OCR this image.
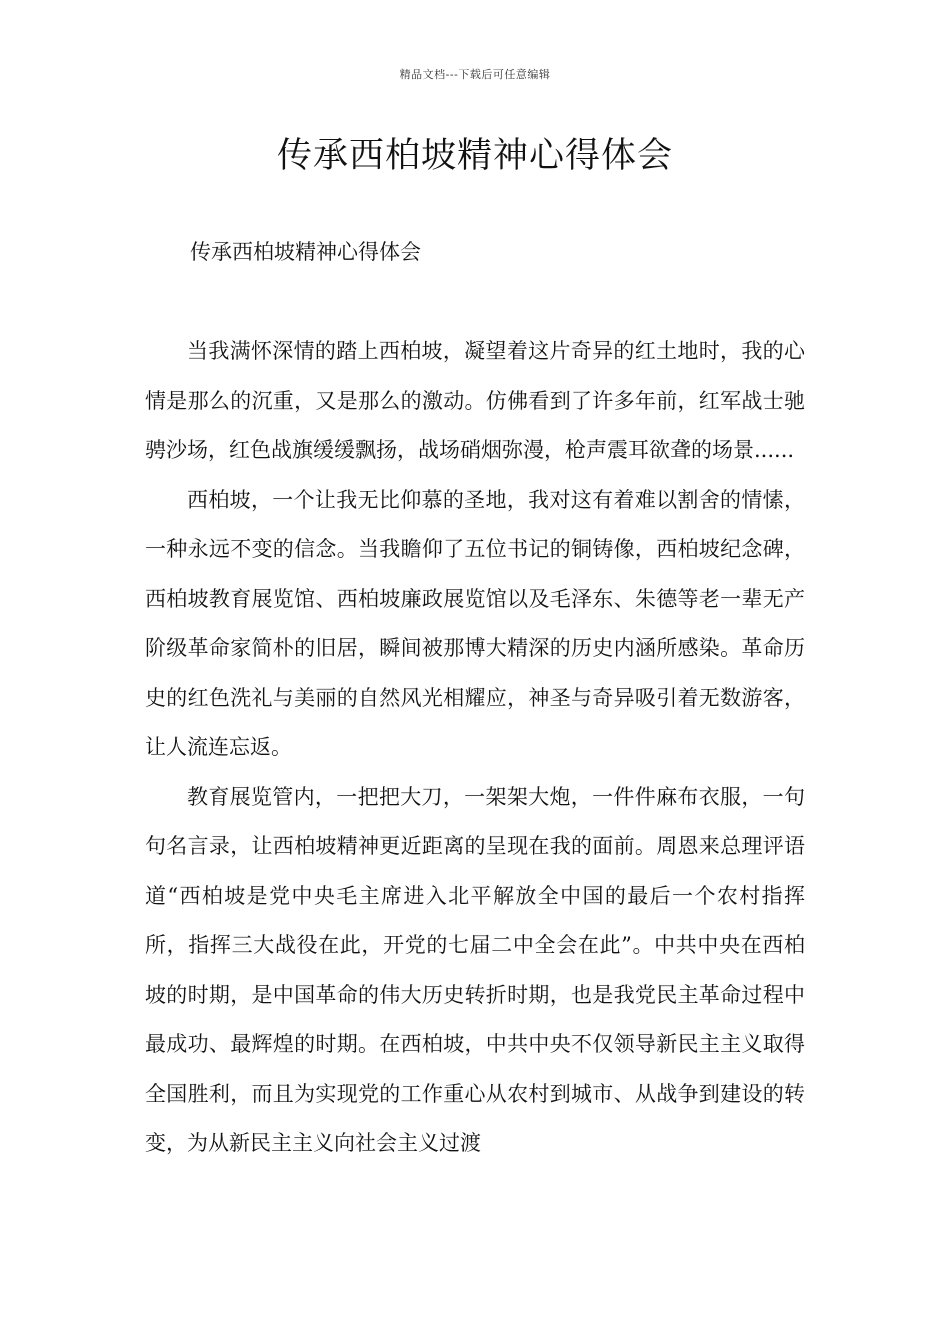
精品文档---下载后可任意编辑
传承西柏坡精神心得体会

传承西柏坡精神心得体会

当我满怀深情的踏上西柏坡，凝望着这片奇异的红土地时，我的心情是那么的沉重，又是那么的激动。仿佛看到了许多年前，红军战士驰骋沙场，红色战旗缓缓飘扬，战场硝烟弥漫，枪声震耳欲聋的场景......

西柏坡，一个让我无比仰慕的圣地，我对这有着难以割舍的情愫，一种永远不变的信念。当我瞻仰了五位书记的铜铸像，西柏坡纪念碑，西柏坡教育展览馆、西柏坡廉政展览馆以及毛泽东、朱德等老一辈无产阶级革命家简朴的旧居，瞬间被那博大精深的历史内涵所感染。革命历史的红色洗礼与美丽的自然风光相耀应，神圣与奇异吸引着无数游客，让人流连忘返。

教育展览管内，一把把大刀，一架架大炮，一件件麻布衣服，一句句名言录，让西柏坡精神更近距离的呈现在我的面前。周恩来总理评语道“西柏坡是党中央毛主席进入北平解放全中国的最后一个农村指挥所，指挥三大战役在此，开党的七届二中全会在此”。中共中央在西柏坡的时期，是中国革命的伟大历史转折时期，也是我党民主革命过程中最成功、最辉煌的时期。在西柏坡，中共中央不仅领导新民主主义取得全国胜利，而且为实现党的工作重心从农村到城市、从战争到建设的转变，为从新民主主义向社会主义过渡
